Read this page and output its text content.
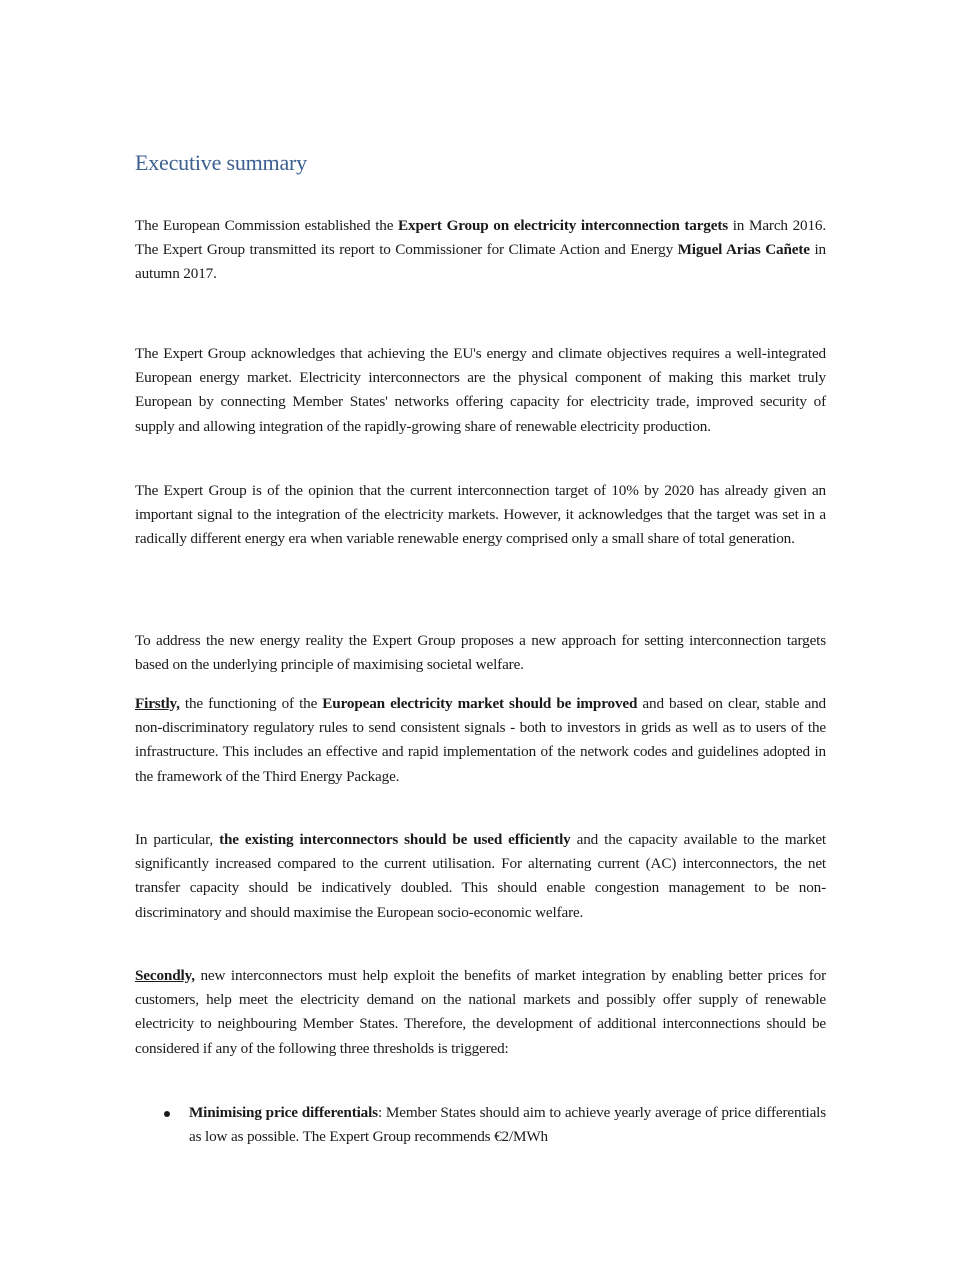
Executive summary

The European Commission established the Expert Group on electricity interconnection targets in March 2016. The Expert Group transmitted its report to Commissioner for Climate Action and Energy Miguel Arias Cañete in autumn 2017.

The Expert Group acknowledges that achieving the EU's energy and climate objectives requires a well-integrated European energy market. Electricity interconnectors are the physical component of making this market truly European by connecting Member States' networks offering capacity for electricity trade, improved security of supply and allowing integration of the rapidly-growing share of renewable electricity production.

The Expert Group is of the opinion that the current interconnection target of 10% by 2020 has already given an important signal to the integration of the electricity markets. However, it acknowledges that the target was set in a radically different energy era when variable renewable energy comprised only a small share of total generation.

To address the new energy reality the Expert Group proposes a new approach for setting interconnection targets based on the underlying principle of maximising societal welfare.

Firstly, the functioning of the European electricity market should be improved and based on clear, stable and non-discriminatory regulatory rules to send consistent signals - both to investors in grids as well as to users of the infrastructure. This includes an effective and rapid implementation of the network codes and guidelines adopted in the framework of the Third Energy Package.

In particular, the existing interconnectors should be used efficiently and the capacity available to the market significantly increased compared to the current utilisation. For alternating current (AC) interconnectors, the net transfer capacity should be indicatively doubled. This should enable congestion management to be non-discriminatory and should maximise the European socio-economic welfare.

Secondly, new interconnectors must help exploit the benefits of market integration by enabling better prices for customers, help meet the electricity demand on the national markets and possibly offer supply of renewable electricity to neighbouring Member States. Therefore, the development of additional interconnections should be considered if any of the following three thresholds is triggered:

Minimising price differentials: Member States should aim to achieve yearly average of price differentials as low as possible. The Expert Group recommends €2/MWh
